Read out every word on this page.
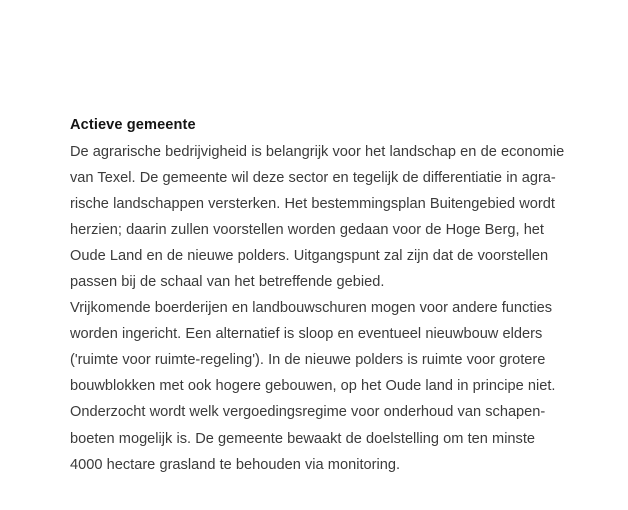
Actieve gemeente

De agrarische bedrijvigheid is belangrijk voor het landschap en de economie
van Texel. De gemeente wil deze sector en tegelijk de differentiatie in agra-
rische landschappen versterken. Het bestemmingsplan Buitengebied wordt
herzien; daarin zullen voorstellen worden gedaan voor de Hoge Berg, het
Oude Land en de nieuwe polders. Uitgangspunt zal zijn dat de voorstellen
passen bij de schaal van het betreffende gebied.

Vrijkomende boerderijen en landbouwschuren mogen voor andere functies
worden ingericht. Een alternatief is sloop en eventueel nieuwbouw elders
('ruimte voor ruimte-regeling'). In de nieuwe polders is ruimte voor grotere
bouwblokken met ook hogere gebouwen, op het Oude land in principe niet.
Onderzocht wordt welk vergoedingsregime voor onderhoud van schapen-
boeten mogelijk is. De gemeente bewaakt de doelstelling om ten minste
4000 hectare grasland te behouden via monitoring.
